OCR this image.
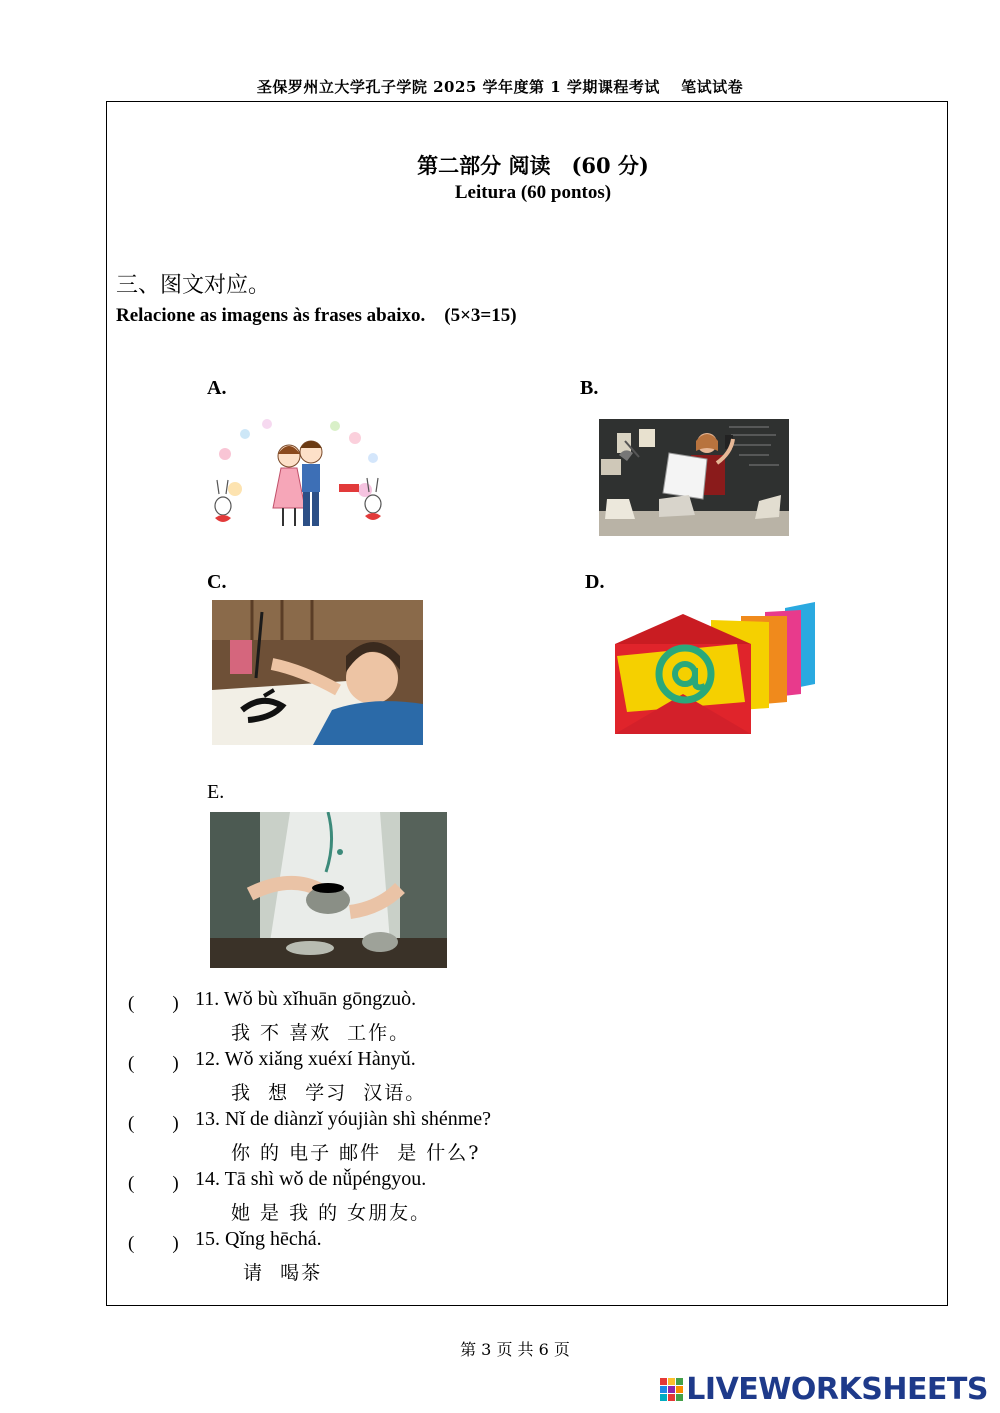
圣保罗州立大学孔子学院 2025 学年度第 1 学期课程考试　 笔试试卷
第二部分 阅读　(60 分)
Leitura (60 pontos)
三、图文对应。
Relacione as imagens às frases abaixo.　(5×3=15)
A.	B.
C.	D.
E.
(　　) 11. Wǒ bù xǐhuān gōngzuò.
我 不 喜欢  工作。
(　　) 12. Wǒ xiǎng xuéxí Hànyǔ.
我  想  学习  汉语。
(　　) 13. Nǐ de diànzǐ yóujiàn shì shénme?
你 的 电子 邮件  是 什么?
(　　) 14. Tā shì wǒ de nǚpéngyou.
她 是 我 的 女朋友。
(　　) 15. Qǐng hēchá.
请  喝茶
第 3 页 共 6 页
LIVEWORKSHEETS
